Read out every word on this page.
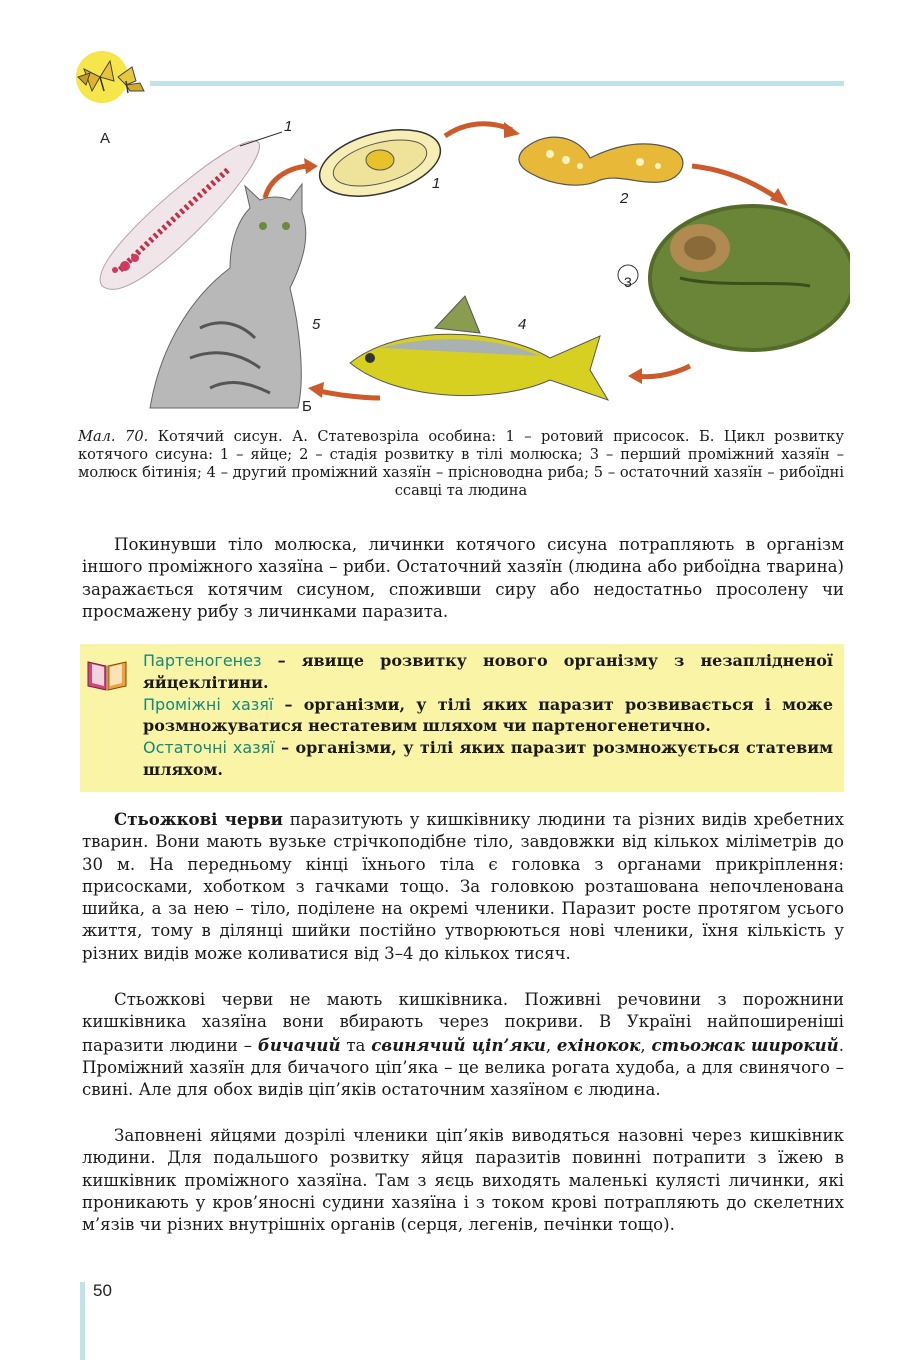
А
1
1
2
3
4
5
Б
Мал. 70. Котячий сисун. А. Статевозріла особина: 1 – ротовий присосок. Б. Цикл розвитку котячого сисуна: 1 – яйце; 2 – стадія розвитку в тілі молюска; 3 – перший проміжний хазяїн – молюск бітинія; 4 – другий проміжний хазяїн – прісноводна риба; 5 – остаточний хазяїн – рибоїдні ссавці та людина
Покинувши тіло молюска, личинки котячого сисуна потрапляють в організм іншого проміжного хазяїна – риби. Остаточний хазяїн (людина або рибоїдна тварина) заражається котячим сисуном, споживши сиру або недостатньо просолену чи просмажену рибу з личинками паразита.
Партеногенез – явище розвитку нового організму з незаплідненої яйцеклітини.
Проміжні хазяї – організми, у тілі яких паразит розвивається і може розмножуватися нестатевим шляхом чи партеногенетично.
Остаточні хазяї – організми, у тілі яких паразит розмножується статевим шляхом.
Стьожкові черви паразитують у кишківнику людини та різних видів хребетних тварин. Вони мають вузьке стрічкоподібне тіло, завдовжки від кількох міліметрів до 30 м. На передньому кінці їхнього тіла є головка з органами прикріплення: присосками, хоботком з гачками тощо. За головкою розташована непочленована шийка, а за нею – тіло, поділене на окремі членики. Паразит росте протягом усього життя, тому в ділянці шийки постійно утворюються нові членики, їхня кількість у різних видів може коливатися від 3–4 до кількох тисяч.
Стьожкові черви не мають кишківника. Поживні речовини з порожнини кишківника хазяїна вони вбирають через покриви. В Україні найпоширеніші паразити людини – бичачий та свинячий ціп’яки, ехінокок, стьожак широкий. Проміжний хазяїн для бичачого ціп’яка – це велика рогата худоба, а для свинячого – свині. Але для обох видів ціп’яків остаточним хазяїном є людина.
Заповнені яйцями дозрілі членики ціп’яків виводяться назовні через кишківник людини. Для подальшого розвитку яйця паразитів повинні потрапити з їжею в кишківник проміжного хазяїна. Там з яєць виходять маленькі кулясті личинки, які проникають у кров’яносні судини хазяїна і з током крові потрапляють до скелетних м’язів чи різних внутрішніх органів (серця, легенів, печінки тощо).
50
